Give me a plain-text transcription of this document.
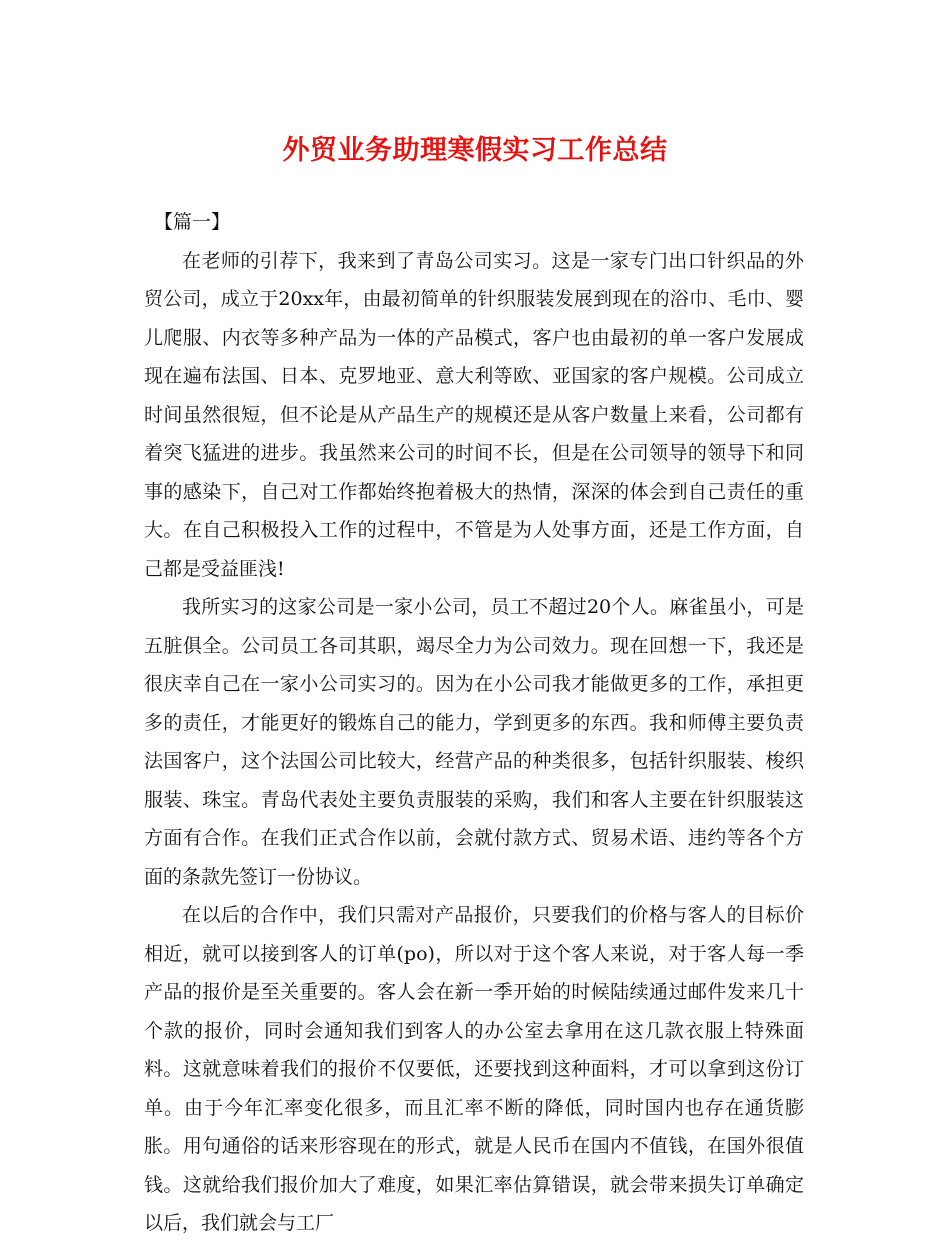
外贸业务助理寒假实习工作总结

【篇一】

在老师的引荐下，我来到了青岛公司实习。这是一家专门出口针织品的外贸公司，成立于20xx年，由最初简单的针织服装发展到现在的浴巾、毛巾、婴儿爬服、内衣等多种产品为一体的产品模式，客户也由最初的单一客户发展成现在遍布法国、日本、克罗地亚、意大利等欧、亚国家的客户规模。公司成立时间虽然很短，但不论是从产品生产的规模还是从客户数量上来看，公司都有着突飞猛进的进步。我虽然来公司的时间不长，但是在公司领导的领导下和同事的感染下，自己对工作都始终抱着极大的热情，深深的体会到自己责任的重大。在自己积极投入工作的过程中，不管是为人处事方面，还是工作方面，自己都是受益匪浅!

我所实习的这家公司是一家小公司，员工不超过20个人。麻雀虽小，可是五脏俱全。公司员工各司其职，竭尽全力为公司效力。现在回想一下，我还是很庆幸自己在一家小公司实习的。因为在小公司我才能做更多的工作，承担更多的责任，才能更好的锻炼自己的能力，学到更多的东西。我和师傅主要负责法国客户，这个法国公司比较大，经营产品的种类很多，包括针织服装、梭织服装、珠宝。青岛代表处主要负责服装的采购，我们和客人主要在针织服装这方面有合作。在我们正式合作以前，会就付款方式、贸易术语、违约等各个方面的条款先签订一份协议。

在以后的合作中，我们只需对产品报价，只要我们的价格与客人的目标价相近，就可以接到客人的订单(po)，所以对于这个客人来说，对于客人每一季产品的报价是至关重要的。客人会在新一季开始的时候陆续通过邮件发来几十个款的报价，同时会通知我们到客人的办公室去拿用在这几款衣服上特殊面料。这就意味着我们的报价不仅要低，还要找到这种面料，才可以拿到这份订单。由于今年汇率变化很多，而且汇率不断的降低，同时国内也存在通货膨胀。用句通俗的话来形容现在的形式，就是人民币在国内不值钱，在国外很值钱。这就给我们报价加大了难度，如果汇率估算错误，就会带来损失订单确定以后，我们就会与工厂
